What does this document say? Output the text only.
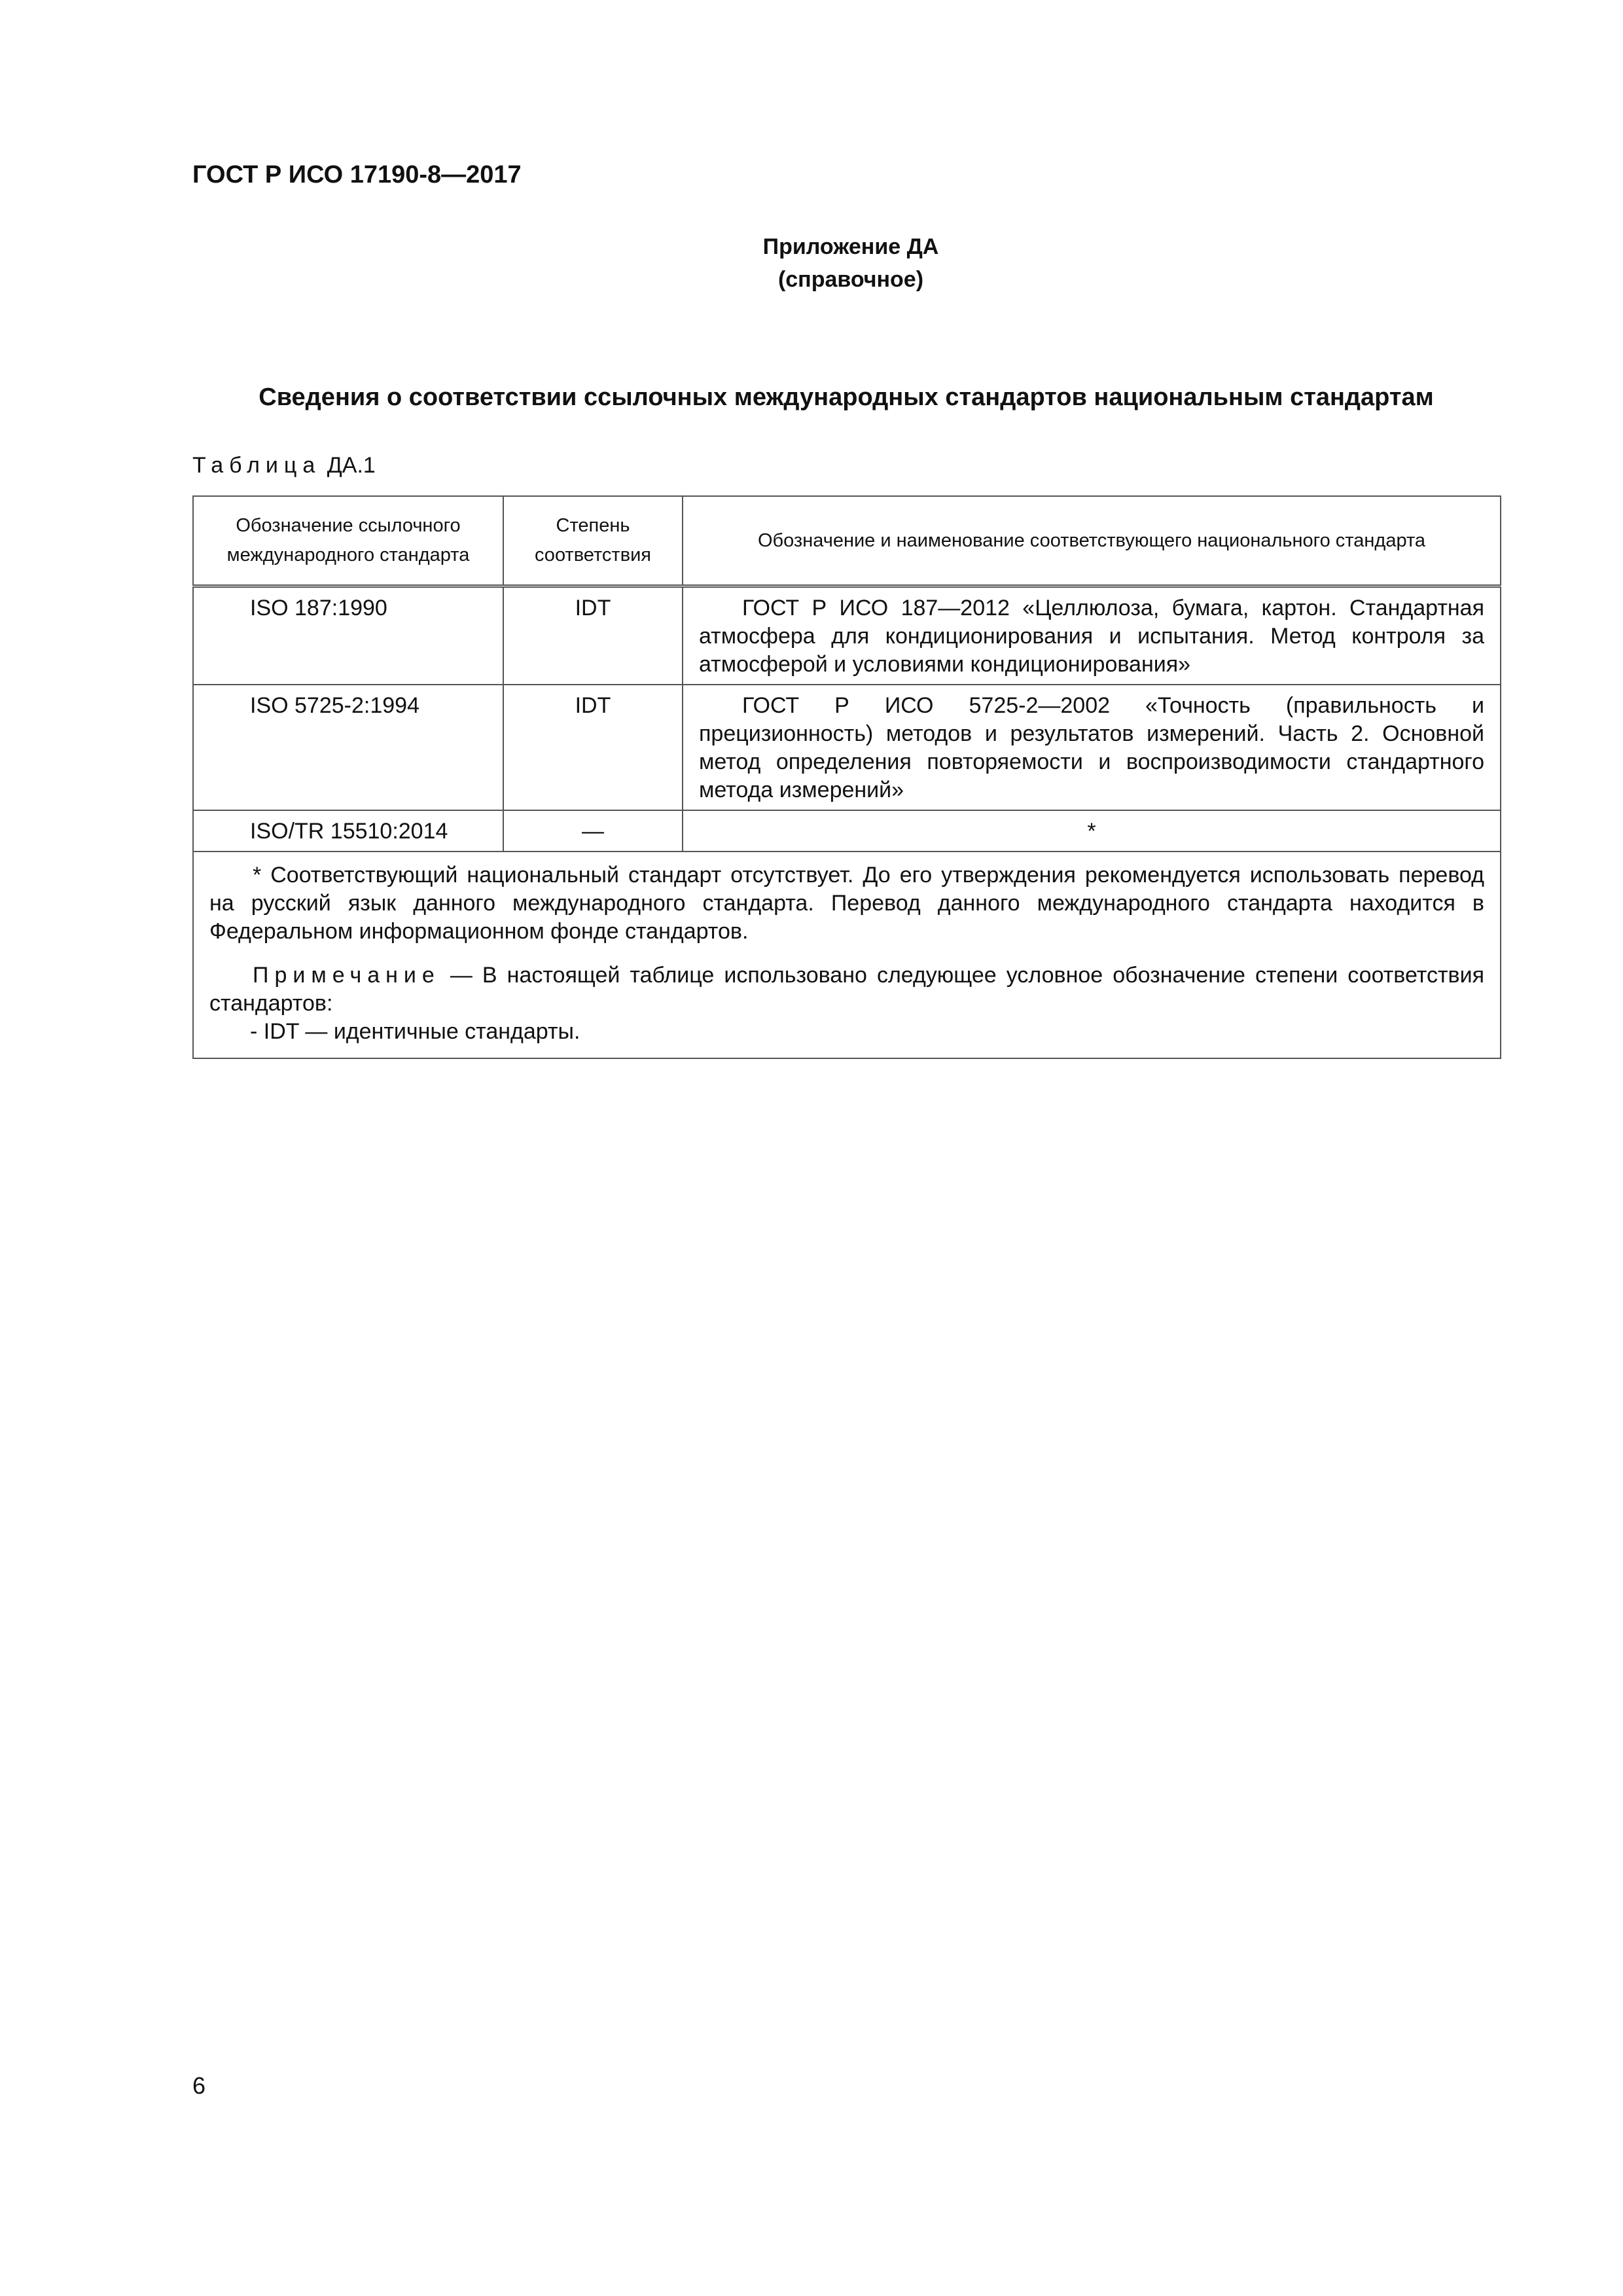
ГОСТ Р ИСО 17190-8—2017
Приложение ДА
(справочное)
Сведения о соответствии ссылочных международных стандартов национальным стандартам
Таблица ДА.1
Обозначение ссылочного международного стандарта	Степень соответствия	Обозначение и наименование соответствующего национального стандарта
ISO 187:1990	IDT	ГОСТ Р ИСО 187—2012 «Целлюлоза, бумага, картон. Стандартная атмосфера для кондиционирования и испытания. Метод контроля за атмосферой и условиями кондиционирования»
ISO 5725-2:1994	IDT	ГОСТ Р ИСО 5725-2—2002 «Точность (правильность и прецизионность) методов и результатов измерений. Часть 2. Основной метод определения повторяемости и воспроизводимости стандартного метода измерений»
ISO/TR 15510:2014	—	*

* Соответствующий национальный стандарт отсутствует. До его утверждения рекомендуется использовать перевод на русский язык данного международного стандарта. Перевод данного международного стандарта находится в Федеральном информационном фонде стандартов.

Примечание — В настоящей таблице использовано следующее условное обозначение степени соответствия стандартов:

- IDT — идентичные стандарты.		

6
